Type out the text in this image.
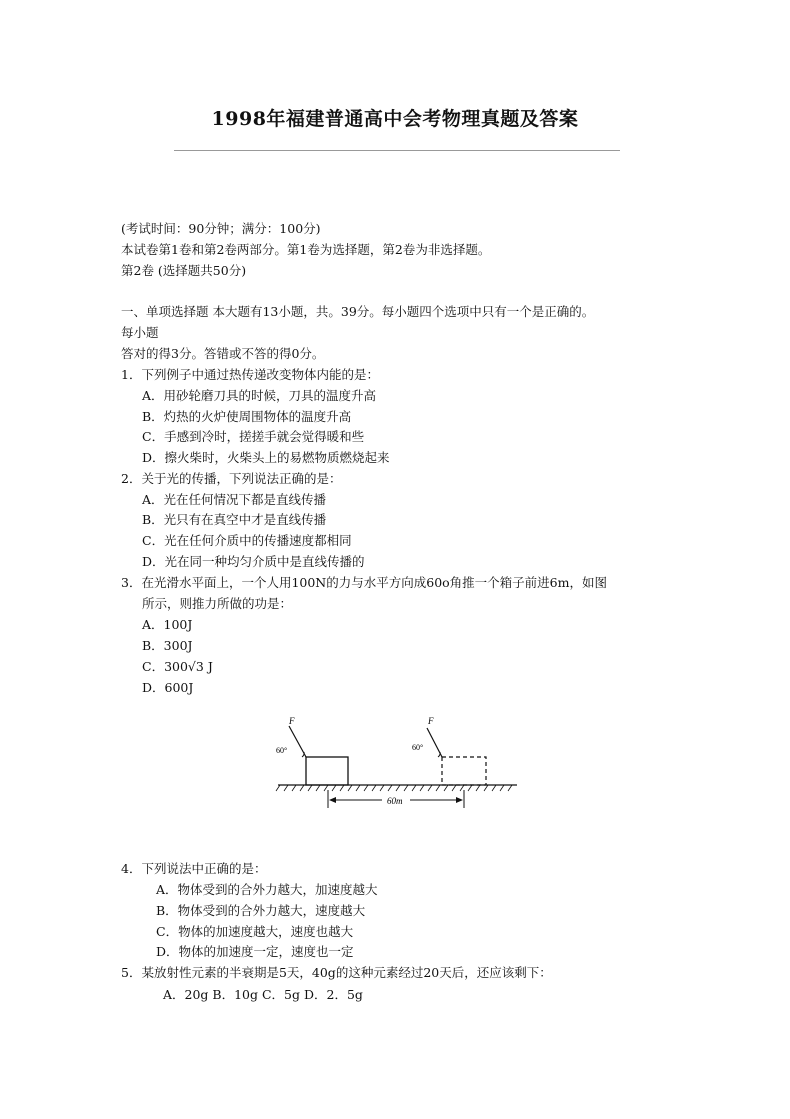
1998年福建普通高中会考物理真题及答案
(考试时间：90分钟；满分：100分)
本试卷第1卷和第2卷两部分。第1卷为选择题，第2卷为非选择题。
第2卷 (选择题共50分)
一、单项选择题 本大题有13小题，共。39分。每小题四个选项中只有一个是正确的。
每小题
答对的得3分。答错或不答的得0分。
1．下列例子中通过热传递改变物体内能的是：
A．用砂轮磨刀具的时候，刀具的温度升高
B．灼热的火炉使周围物体的温度升高
C．手感到冷时，搓搓手就会觉得暖和些
D．擦火柴时，火柴头上的易燃物质燃烧起来
2．关于光的传播，下列说法正确的是：
A．光在任何情况下都是直线传播
B．光只有在真空中才是直线传播
C．光在任何介质中的传播速度都相同
D．光在同一种均匀介质中是直线传播的
3．在光滑水平面上，一个人用100N的力与水平方向成60o角推一个箱子前进6m，如图
所示，则推力所做的功是：
A．100J
B．300J
C．300√3 J
D．600J
F
60°
F
60°
60m
4．下列说法中正确的是：
A．物体受到的合外力越大，加速度越大
B．物体受到的合外力越大，速度越大
C．物体的加速度越大，速度也越大
D．物体的加速度一定，速度也一定
5．某放射性元素的半衰期是5天，40g的这种元素经过20天后，还应该剩下：
A．20g B．10g C．5g D．2．5g
